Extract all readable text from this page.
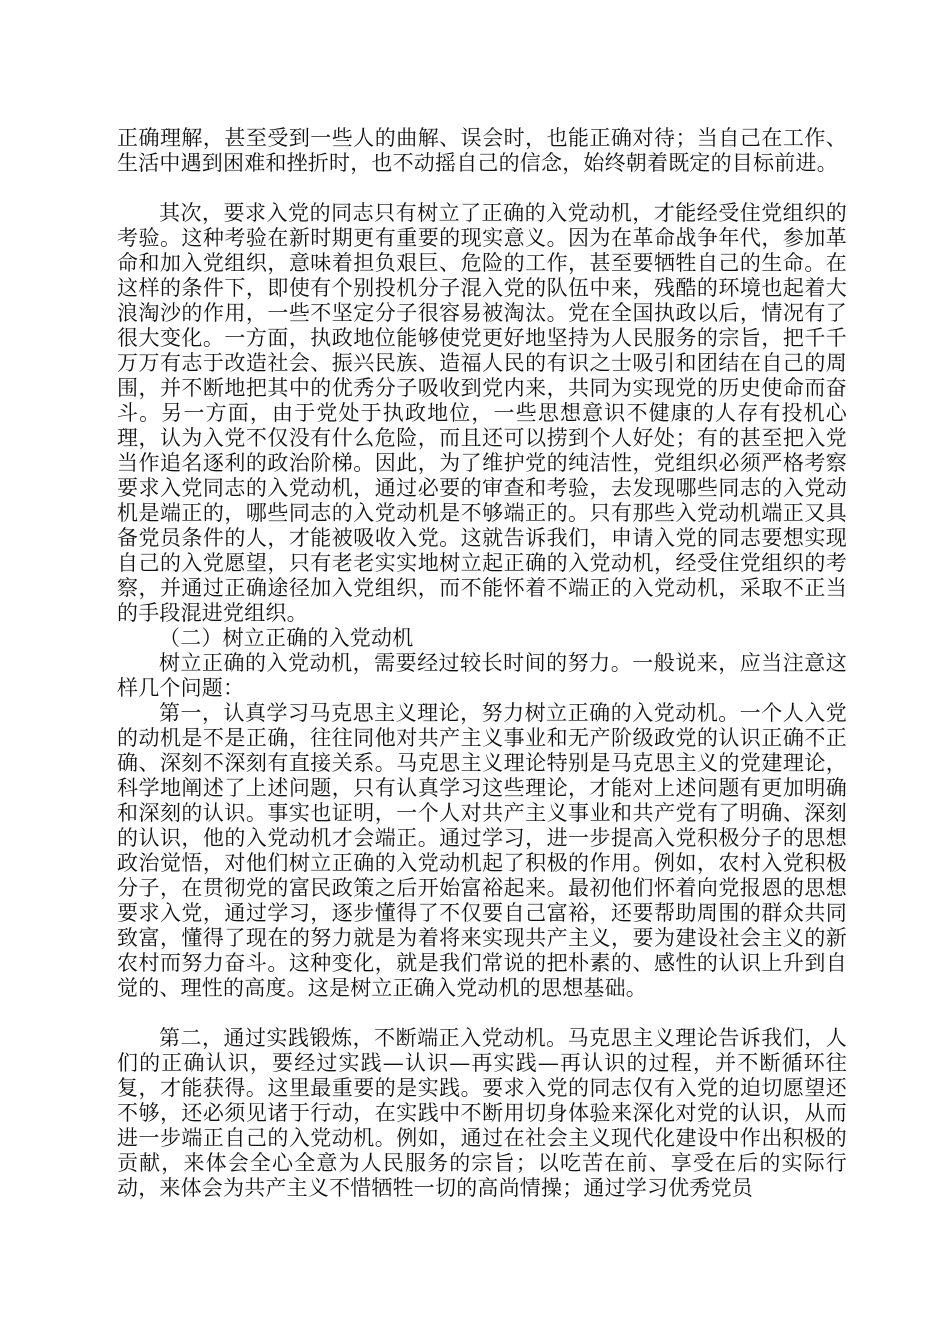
正确理解，甚至受到一些人的曲解、误会时，也能正确对待；当自己在工作、生活中遇到困难和挫折时，也不动摇自己的信念，始终朝着既定的目标前进。

其次，要求入党的同志只有树立了正确的入党动机，才能经受住党组织的考验。这种考验在新时期更有重要的现实意义。因为在革命战争年代，参加革命和加入党组织，意味着担负艰巨、危险的工作，甚至要牺牲自己的生命。在这样的条件下，即使有个别投机分子混入党的队伍中来，残酷的环境也起着大浪淘沙的作用，一些不坚定分子很容易被淘汰。党在全国执政以后，情况有了很大变化。一方面，执政地位能够使党更好地坚持为人民服务的宗旨，把千千万万有志于改造社会、振兴民族、造福人民的有识之士吸引和团结在自己的周围，并不断地把其中的优秀分子吸收到党内来，共同为实现党的历史使命而奋斗。另一方面，由于党处于执政地位，一些思想意识不健康的人存有投机心理，认为入党不仅没有什么危险，而且还可以捞到个人好处；有的甚至把入党当作追名逐利的政治阶梯。因此，为了维护党的纯洁性，党组织必须严格考察要求入党同志的入党动机，通过必要的审查和考验，去发现哪些同志的入党动机是端正的，哪些同志的入党动机是不够端正的。只有那些入党动机端正又具备党员条件的人，才能被吸收入党。这就告诉我们，申请入党的同志要想实现自己的入党愿望，只有老老实实地树立起正确的入党动机，经受住党组织的考察，并通过正确途径加入党组织，而不能怀着不端正的入党动机，采取不正当的手段混进党组织。

（二）树立正确的入党动机

树立正确的入党动机，需要经过较长时间的努力。一般说来，应当注意这样几个问题：

第一，认真学习马克思主义理论，努力树立正确的入党动机。一个人入党的动机是不是正确，往往同他对共产主义事业和无产阶级政党的认识正确不正确、深刻不深刻有直接关系。马克思主义理论特别是马克思主义的党建理论，科学地阐述了上述问题，只有认真学习这些理论，才能对上述问题有更加明确和深刻的认识。事实也证明，一个人对共产主义事业和共产党有了明确、深刻的认识，他的入党动机才会端正。通过学习，进一步提高入党积极分子的思想政治觉悟，对他们树立正确的入党动机起了积极的作用。例如，农村入党积极分子，在贯彻党的富民政策之后开始富裕起来。最初他们怀着向党报恩的思想要求入党，通过学习，逐步懂得了不仅要自己富裕，还要帮助周围的群众共同致富，懂得了现在的努力就是为着将来实现共产主义，要为建设社会主义的新农村而努力奋斗。这种变化，就是我们常说的把朴素的、感性的认识上升到自觉的、理性的高度。这是树立正确入党动机的思想基础。

第二，通过实践锻炼，不断端正入党动机。马克思主义理论告诉我们，人们的正确认识，要经过实践—认识—再实践—再认识的过程，并不断循环往复，才能获得。这里最重要的是实践。要求入党的同志仅有入党的迫切愿望还不够，还必须见诸于行动，在实践中不断用切身体验来深化对党的认识，从而进一步端正自己的入党动机。例如，通过在社会主义现代化建设中作出积极的贡献，来体会全心全意为人民服务的宗旨；以吃苦在前、享受在后的实际行动，来体会为共产主义不惜牺牲一切的高尚情操；通过学习优秀党员
